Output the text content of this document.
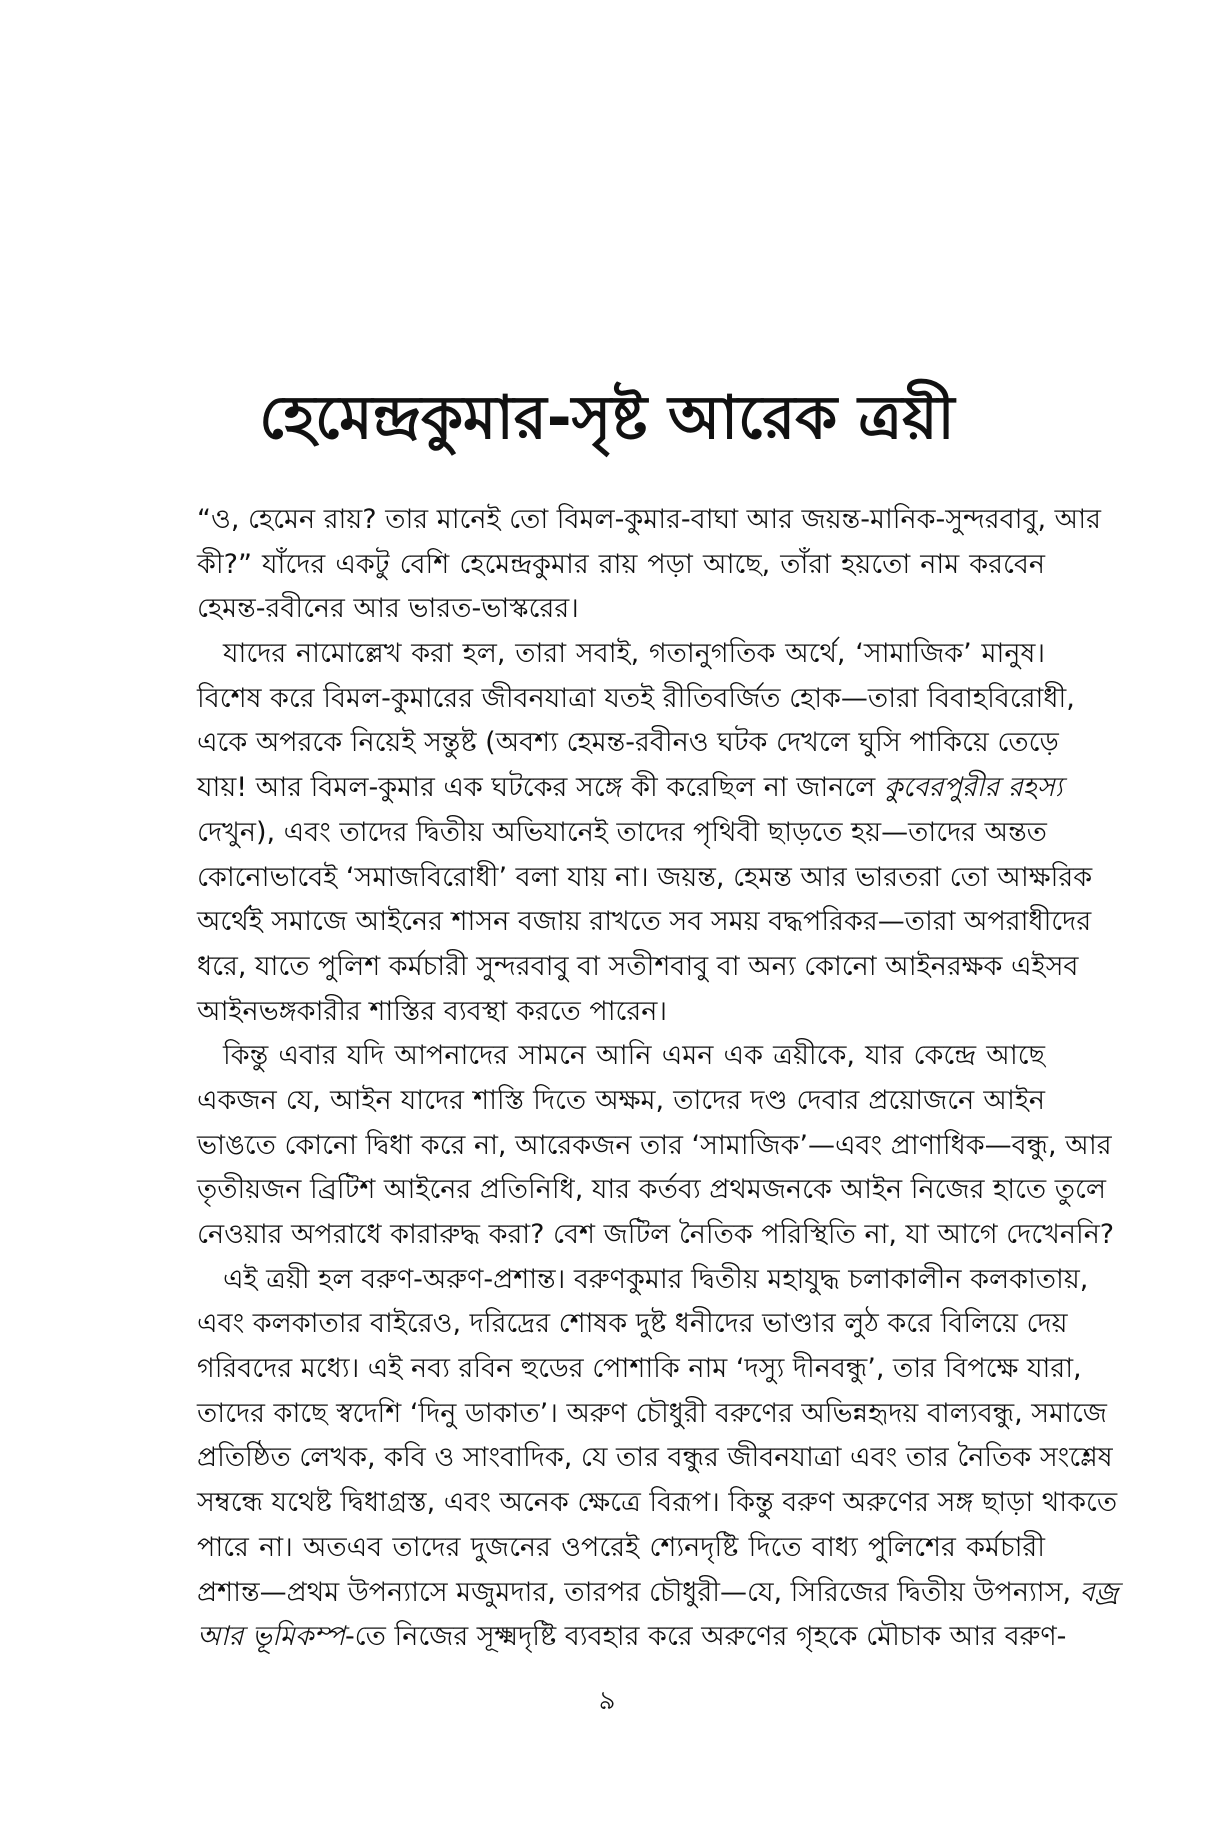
হেমেন্দ্রকুমার-সৃষ্ট আরেক ত্রয়ী
“ও, হেমেন রায়? তার মানেই তো বিমল-কুমার-বাঘা আর জয়ন্ত-মানিক-সুন্দরবাবু, আর
কী?” যাঁদের একটু বেশি হেমেন্দ্রকুমার রায় পড়া আছে, তাঁরা হয়তো নাম করবেন
হেমন্ত-রবীনের আর ভারত-ভাস্করের।
যাদের নামোল্লেখ করা হল, তারা সবাই, গতানুগতিক অর্থে, ‘সামাজিক’ মানুষ।
বিশেষ করে বিমল-কুমারের জীবনযাত্রা যতই রীতিবর্জিত হোক—তারা বিবাহবিরোধী,
একে অপরকে নিয়েই সন্তুষ্ট (অবশ্য হেমন্ত-রবীনও ঘটক দেখলে ঘুসি পাকিয়ে তেড়ে
যায়! আর বিমল-কুমার এক ঘটকের সঙ্গে কী করেছিল না জানলে কুবেরপুরীর রহস্য
দেখুন), এবং তাদের দ্বিতীয় অভিযানেই তাদের পৃথিবী ছাড়তে হয়—তাদের অন্তত
কোনোভাবেই ‘সমাজবিরোধী’ বলা যায় না। জয়ন্ত, হেমন্ত আর ভারতরা তো আক্ষরিক
অর্থেই সমাজে আইনের শাসন বজায় রাখতে সব সময় বদ্ধপরিকর—তারা অপরাধীদের
ধরে, যাতে পুলিশ কর্মচারী সুন্দরবাবু বা সতীশবাবু বা অন্য কোনো আইনরক্ষক এইসব
আইনভঙ্গকারীর শাস্তির ব্যবস্থা করতে পারেন।
কিন্তু এবার যদি আপনাদের সামনে আনি এমন এক ত্রয়ীকে, যার কেন্দ্রে আছে
একজন যে, আইন যাদের শাস্তি দিতে অক্ষম, তাদের দণ্ড দেবার প্রয়োজনে আইন
ভাঙতে কোনো দ্বিধা করে না, আরেকজন তার ‘সামাজিক’—এবং প্রাণাধিক—বন্ধু, আর
তৃতীয়জন ব্রিটিশ আইনের প্রতিনিধি, যার কর্তব্য প্রথমজনকে আইন নিজের হাতে তুলে
নেওয়ার অপরাধে কারারুদ্ধ করা? বেশ জটিল নৈতিক পরিস্থিতি না, যা আগে দেখেননি?
এই ত্রয়ী হল বরুণ-অরুণ-প্রশান্ত। বরুণকুমার দ্বিতীয় মহাযুদ্ধ চলাকালীন কলকাতায়,
এবং কলকাতার বাইরেও, দরিদ্রের শোষক দুষ্ট ধনীদের ভাণ্ডার লুঠ করে বিলিয়ে দেয়
গরিবদের মধ্যে। এই নব্য রবিন হুডের পোশাকি নাম ‘দস্যু দীনবন্ধু’, তার বিপক্ষে যারা,
তাদের কাছে স্বদেশি ‘দিনু ডাকাত’। অরুণ চৌধুরী বরুণের অভিন্নহৃদয় বাল্যবন্ধু, সমাজে
প্রতিষ্ঠিত লেখক, কবি ও সাংবাদিক, যে তার বন্ধুর জীবনযাত্রা এবং তার নৈতিক সংশ্লেষ
সম্বন্ধে যথেষ্ট দ্বিধাগ্রস্ত, এবং অনেক ক্ষেত্রে বিরূপ। কিন্তু বরুণ অরুণের সঙ্গ ছাড়া থাকতে
পারে না। অতএব তাদের দুজনের ওপরেই শ্যেনদৃষ্টি দিতে বাধ্য পুলিশের কর্মচারী
প্রশান্ত—প্রথম উপন্যাসে মজুমদার, তারপর চৌধুরী—যে, সিরিজের দ্বিতীয় উপন্যাস, বজ্র
আর ভূমিকম্প-তে নিজের সূক্ষ্মদৃষ্টি ব্যবহার করে অরুণের গৃহকে মৌচাক আর বরুণ-
৯
